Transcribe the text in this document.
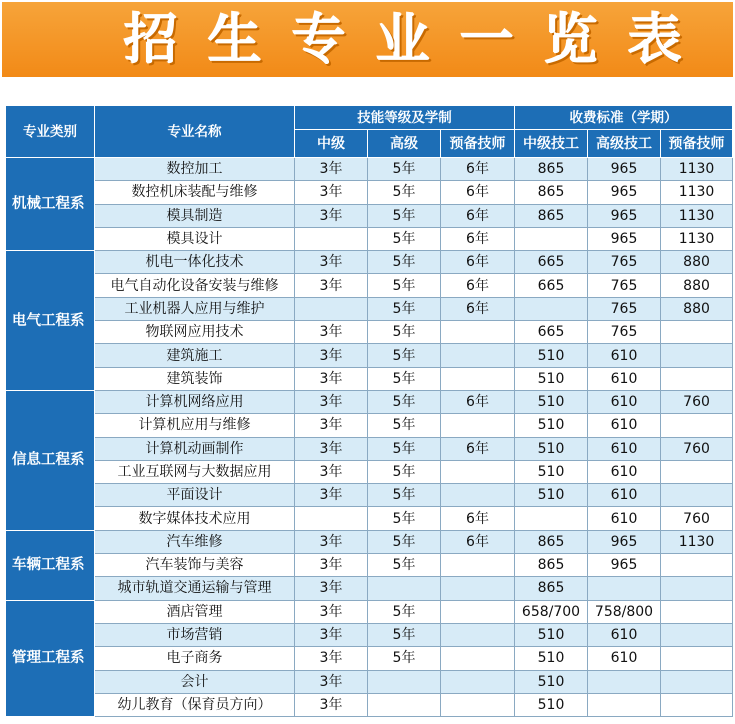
招生专业一览表
专业类别	专业名称	技能等级及学制			收费标准（学期）		
		中级	高级	预备技师	中级技工	高级技工	预备技师
机械工程系	数控加工	3年	5年	6年	865	965	1130
	数控机床装配与维修	3年	5年	6年	865	965	1130
	模具制造	3年	5年	6年	865	965	1130
	模具设计		5年	6年		965	1130
电气工程系	机电一体化技术	3年	5年	6年	665	765	880
	电气自动化设备安装与维修	3年	5年	6年	665	765	880
	工业机器人应用与维护		5年	6年		765	880
	物联网应用技术	3年	5年		665	765	
	建筑施工	3年	5年		510	610	
	建筑装饰	3年	5年		510	610	
信息工程系	计算机网络应用	3年	5年	6年	510	610	760
	计算机应用与维修	3年	5年		510	610	
	计算机动画制作	3年	5年	6年	510	610	760
	工业互联网与大数据应用	3年	5年		510	610	
	平面设计	3年	5年		510	610	
	数字媒体技术应用		5年	6年		610	760
车辆工程系	汽车维修	3年	5年	6年	865	965	1130
	汽车装饰与美容	3年	5年		865	965	
	城市轨道交通运输与管理	3年			865		
管理工程系	酒店管理	3年	5年		658/700	758/800	
	市场营销	3年	5年		510	610	
	电子商务	3年	5年		510	610	
	会计	3年			510		
	幼儿教育（保育员方向）	3年			510		
